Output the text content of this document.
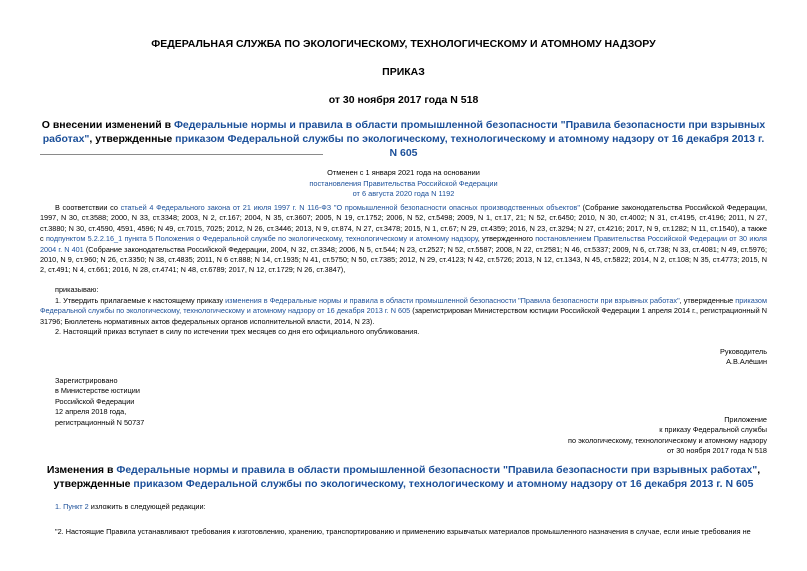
ФЕДЕРАЛЬНАЯ СЛУЖБА ПО ЭКОЛОГИЧЕСКОМУ, ТЕХНОЛОГИЧЕСКОМУ И АТОМНОМУ НАДЗОРУ
ПРИКАЗ
от 30 ноября 2017 года N 518
О внесении изменений в Федеральные нормы и правила в области промышленной безопасности "Правила безопасности при взрывных работах", утвержденные приказом Федеральной службы по экологическому, технологическому и атомному надзору от 16 декабря 2013 г. N 605
Отменен с 1 января 2021 года на основании
постановления Правительства Российской Федерации
от 6 августа 2020 года N 1192
В соответствии со статьей 4 Федерального закона от 21 июля 1997 г. N 116-ФЗ "О промышленной безопасности опасных производственных объектов" (Собрание законодательства Российской Федерации, 1997, N 30, ст.3588; 2000, N 33, ст.3348; 2003, N 2, ст.167; 2004, N 35, ст.3607; 2005, N 19, ст.1752; 2006, N 52, ст.5498; 2009, N 1, ст.17, 21; N 52, ст.6450; 2010, N 30, ст.4002; N 31, ст.4195, ст.4196; 2011, N 27, ст.3880; N 30, ст.4590, 4591, 4596; N 49, ст.7015, 7025; 2012, N 26, ст.3446; 2013, N 9, ст.874, N 27, ст.3478; 2015, N 1, ст.67; N 29, ст.4359; 2016, N 23, ст.3294; N 27, ст.4216; 2017, N 9, ст.1282; N 11, ст.1540), а также с подпунктом 5.2.2.16_1 пункта 5 Положения о Федеральной службе по экологическому, технологическому и атомному надзору, утвержденного постановлением Правительства Российской Федерации от 30 июля 2004 г. N 401 (Собрание законодательства Российской Федерации, 2004, N 32, ст.3348; 2006, N 5, ст.544; N 23, ст.2527; N 52, ст.5587; 2008, N 22, ст.2581; N 46, ст.5337; 2009, N 6, ст.738; N 33, ст.4081; N 49, ст.5976; 2010, N 9, ст.960; N 26, ст.3350; N 38, ст.4835; 2011, N 6 ст.888; N 14, ст.1935; N 41, ст.5750; N 50, ст.7385; 2012, N 29, ст.4123; N 42, ст.5726; 2013, N 12, ст.1343, N 45, ст.5822; 2014, N 2, ст.108; N 35, ст.4773; 2015, N 2, ст.491; N 4, ст.661; 2016, N 28, ст.4741; N 48, ст.6789; 2017, N 12, ст.1729; N 26, ст.3847),
приказываю:
1. Утвердить прилагаемые к настоящему приказу изменения в Федеральные нормы и правила в области промышленной безопасности "Правила безопасности при взрывных работах", утвержденные приказом Федеральной службы по экологическому, технологическому и атомному надзору от 16 декабря 2013 г. N 605 (зарегистрирован Министерством юстиции Российской Федерации 1 апреля 2014 г., регистрационный N 31796; Бюллетень нормативных актов федеральных органов исполнительной власти, 2014, N 23).
2. Настоящий приказ вступает в силу по истечении трех месяцев со дня его официального опубликования.
Руководитель
А.В.Алёшин
Зарегистрировано
в Министерстве юстиции
Российской Федерации
12 апреля 2018 года,
регистрационный N 50737	Приложение
к приказу Федеральной службы
по экологическому, технологическому и атомному надзору
от 30 ноября 2017 года N 518
Изменения в Федеральные нормы и правила в области промышленной безопасности "Правила безопасности при взрывных работах", утвержденные приказом Федеральной службы по экологическому, технологическому и атомному надзору от 16 декабря 2013 г. N 605
1. Пункт 2 изложить в следующей редакции:
"2. Настоящие Правила устанавливают требования к изготовлению, хранению, транспортированию и применению взрывчатых материалов промышленного назначения в случае, если иные требования не
